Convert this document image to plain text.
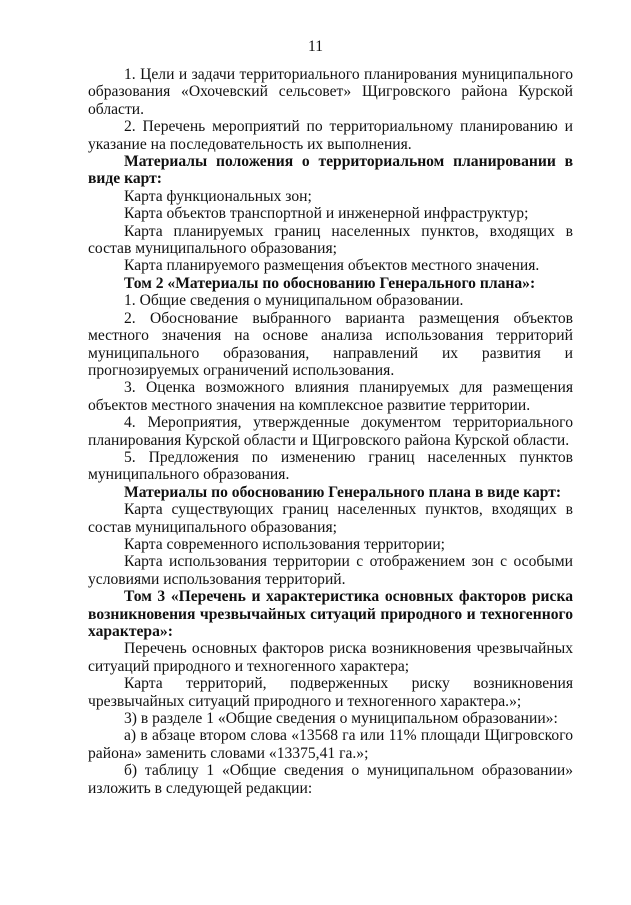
11

1. Цели и задачи территориального планирования муниципального образования «Охочевский сельсовет» Щигровского района Курской области.

2. Перечень мероприятий по территориальному планированию и указание на последовательность их выполнения.

Материалы положения о территориальном планировании в виде карт:

Карта функциональных зон;

Карта объектов транспортной и инженерной инфраструктур;

Карта планируемых границ населенных пунктов, входящих в состав муниципального образования;

Карта планируемого размещения объектов местного значения.

Том 2 «Материалы по обоснованию Генерального плана»:

1. Общие сведения о муниципальном образовании.

2. Обоснование выбранного варианта размещения объектов местного значения на основе анализа использования территорий муниципального образования, направлений их развития и прогнозируемых ограничений использования.

3. Оценка возможного влияния планируемых для размещения объектов местного значения на комплексное развитие территории.

4. Мероприятия, утвержденные документом территориального планирования Курской области и Щигровского района Курской области.

5. Предложения по изменению границ населенных пунктов муниципального образования.

Материалы по обоснованию Генерального плана в виде карт:

Карта существующих границ населенных пунктов, входящих в состав муниципального образования;

Карта современного использования территории;

Карта использования территории с отображением зон с особыми условиями использования территорий.

Том 3 «Перечень и характеристика основных факторов риска возникновения чрезвычайных ситуаций природного и техногенного характера»:

Перечень основных факторов риска возникновения чрезвычайных ситуаций природного и техногенного характера;

Карта территорий, подверженных риску возникновения чрезвычайных ситуаций природного и техногенного характера.»;

3) в разделе 1 «Общие сведения о муниципальном образовании»:

а) в абзаце втором слова «13568 га или 11% площади Щигровского района» заменить словами «13375,41 га.»;

б) таблицу 1 «Общие сведения о муниципальном образовании» изложить в следующей редакции:
